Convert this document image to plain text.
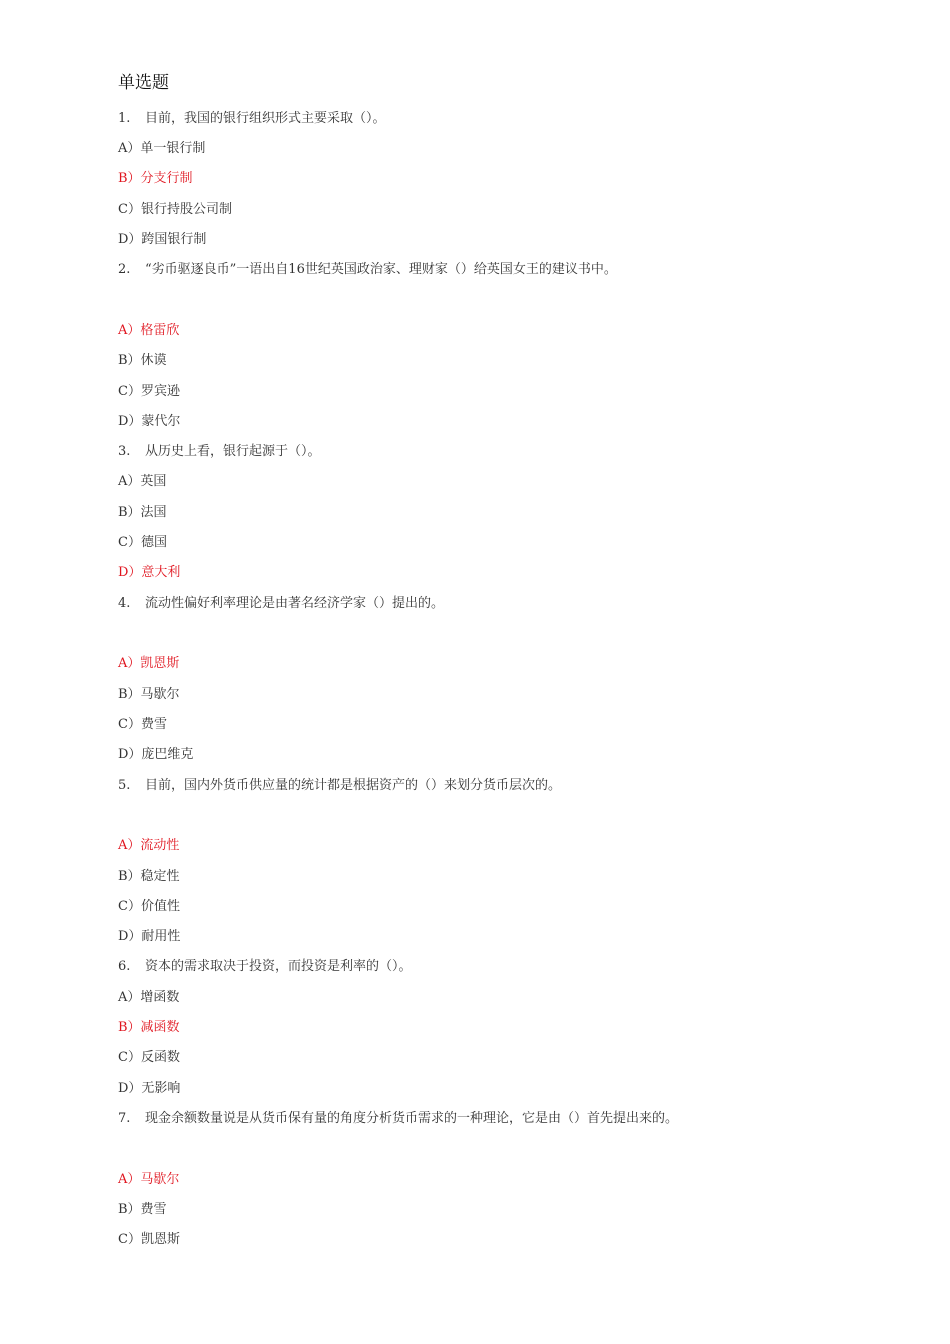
单选题
1. 目前，我国的银行组织形式主要采取（）。
A）单一银行制
B）分支行制
C）银行持股公司制
D）跨国银行制
2. “劣币驱逐良币”一语出自16世纪英国政治家、理财家（）给英国女王的建议书中。
A）格雷欣
B）休谟
C）罗宾逊
D）蒙代尔
3. 从历史上看，银行起源于（）。
A）英国
B）法国
C）德国
D）意大利
4. 流动性偏好利率理论是由著名经济学家（）提出的。
A）凯恩斯
B）马歇尔
C）费雪
D）庞巴维克
5. 目前，国内外货币供应量的统计都是根据资产的（）来划分货币层次的。
A）流动性
B）稳定性
C）价值性
D）耐用性
6. 资本的需求取决于投资，而投资是利率的（）。
A）增函数
B）减函数
C）反函数
D）无影响
7. 现金余额数量说是从货币保有量的角度分析货币需求的一种理论，它是由（）首先提出来的。
A）马歇尔
B）费雪
C）凯恩斯
